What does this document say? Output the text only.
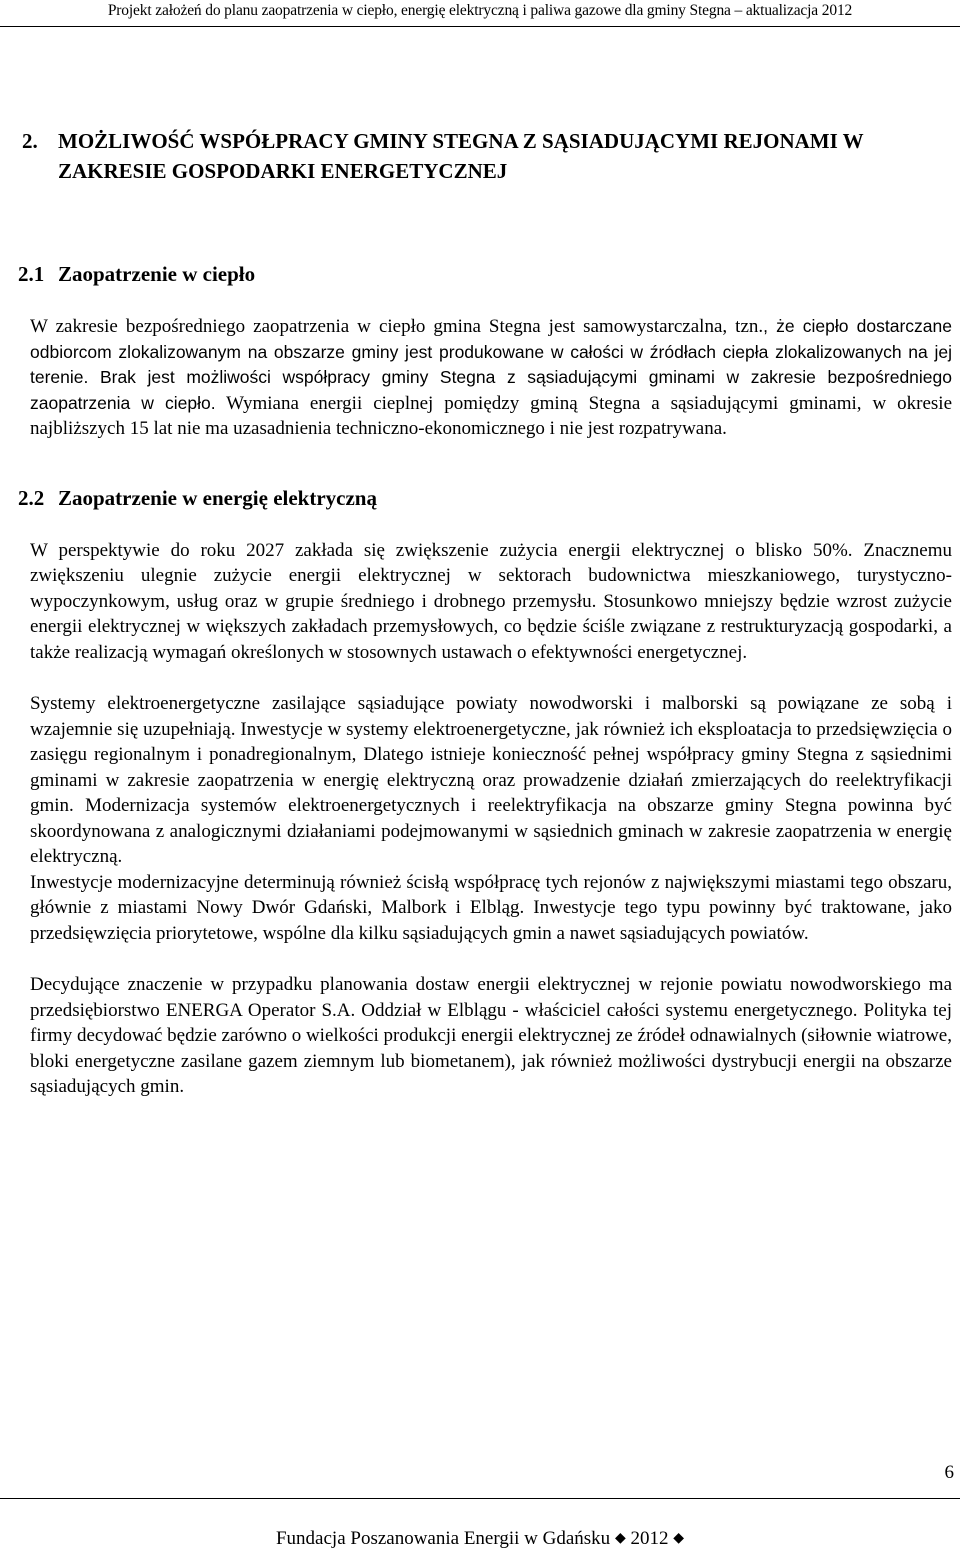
Projekt założeń do planu zaopatrzenia w ciepło, energię elektryczną i paliwa gazowe dla gminy Stegna – aktualizacja 2012
2. MOŻLIWOŚĆ WSPÓŁPRACY GMINY STEGNA Z SĄSIADUJĄCYMI REJONAMI W ZAKRESIE GOSPODARKI ENERGETYCZNEJ
2.1 Zaopatrzenie w ciepło

W zakresie bezpośredniego zaopatrzenia w ciepło gmina Stegna jest samowystarczalna, tzn., że ciepło dostarczane odbiorcom zlokalizowanym na obszarze gminy jest produkowane w całości w źródłach ciepła zlokalizowanych na jej terenie. Brak jest możliwości współpracy gminy Stegna z sąsiadującymi gminami w zakresie bezpośredniego zaopatrzenia w ciepło. Wymiana energii cieplnej pomiędzy gminą Stegna a sąsiadującymi gminami, w okresie najbliższych 15 lat nie ma uzasadnienia techniczno-ekonomicznego i nie jest rozpatrywana.

2.2 Zaopatrzenie w energię elektryczną

W perspektywie do roku 2027 zakłada się zwiększenie zużycia energii elektrycznej o blisko 50%. Znacznemu zwiększeniu ulegnie zużycie energii elektrycznej w sektorach budownictwa mieszkaniowego, turystyczno-wypoczynkowym, usług oraz w grupie średniego i drobnego przemysłu. Stosunkowo mniejszy będzie wzrost zużycie energii elektrycznej w większych zakładach przemysłowych, co będzie ściśle związane z restrukturyzacją gospodarki, a także realizacją wymagań określonych w stosownych ustawach o efektywności energetycznej.

Systemy elektroenergetyczne zasilające sąsiadujące powiaty nowodworski i malborski są powiązane ze sobą i wzajemnie się uzupełniają. Inwestycje w systemy elektroenergetyczne, jak również ich eksploatacja to przedsięwzięcia o zasięgu regionalnym i ponadregionalnym, Dlatego istnieje konieczność pełnej współpracy gminy Stegna z sąsiednimi gminami w zakresie zaopatrzenia w energię elektryczną oraz prowadzenie działań zmierzających do reelektryfikacji gmin. Modernizacja systemów elektroenergetycznych i reelektryfikacja na obszarze gminy Stegna powinna być skoordynowana z analogicznymi działaniami podejmowanymi w sąsiednich gminach w zakresie zaopatrzenia w energię elektryczną.

Inwestycje modernizacyjne determinują również ścisłą współpracę tych rejonów z największymi miastami tego obszaru, głównie z miastami Nowy Dwór Gdański, Malbork i Elbląg. Inwestycje tego typu powinny być traktowane, jako przedsięwzięcia priorytetowe, wspólne dla kilku sąsiadujących gmin a nawet sąsiadujących powiatów.

Decydujące znaczenie w przypadku planowania dostaw energii elektrycznej w rejonie powiatu nowodworskiego ma przedsiębiorstwo ENERGA Operator S.A. Oddział w Elblągu - właściciel całości systemu energetycznego. Polityka tej firmy decydować będzie zarówno o wielkości produkcji energii elektrycznej ze źródeł odnawialnych (siłownie wiatrowe, bloki energetyczne zasilane gazem ziemnym lub biometanem), jak również możliwości dystrybucji energii na obszarze sąsiadujących gmin.

6
Fundacja Poszanowania Energii w Gdańsku ◆ 2012 ◆
